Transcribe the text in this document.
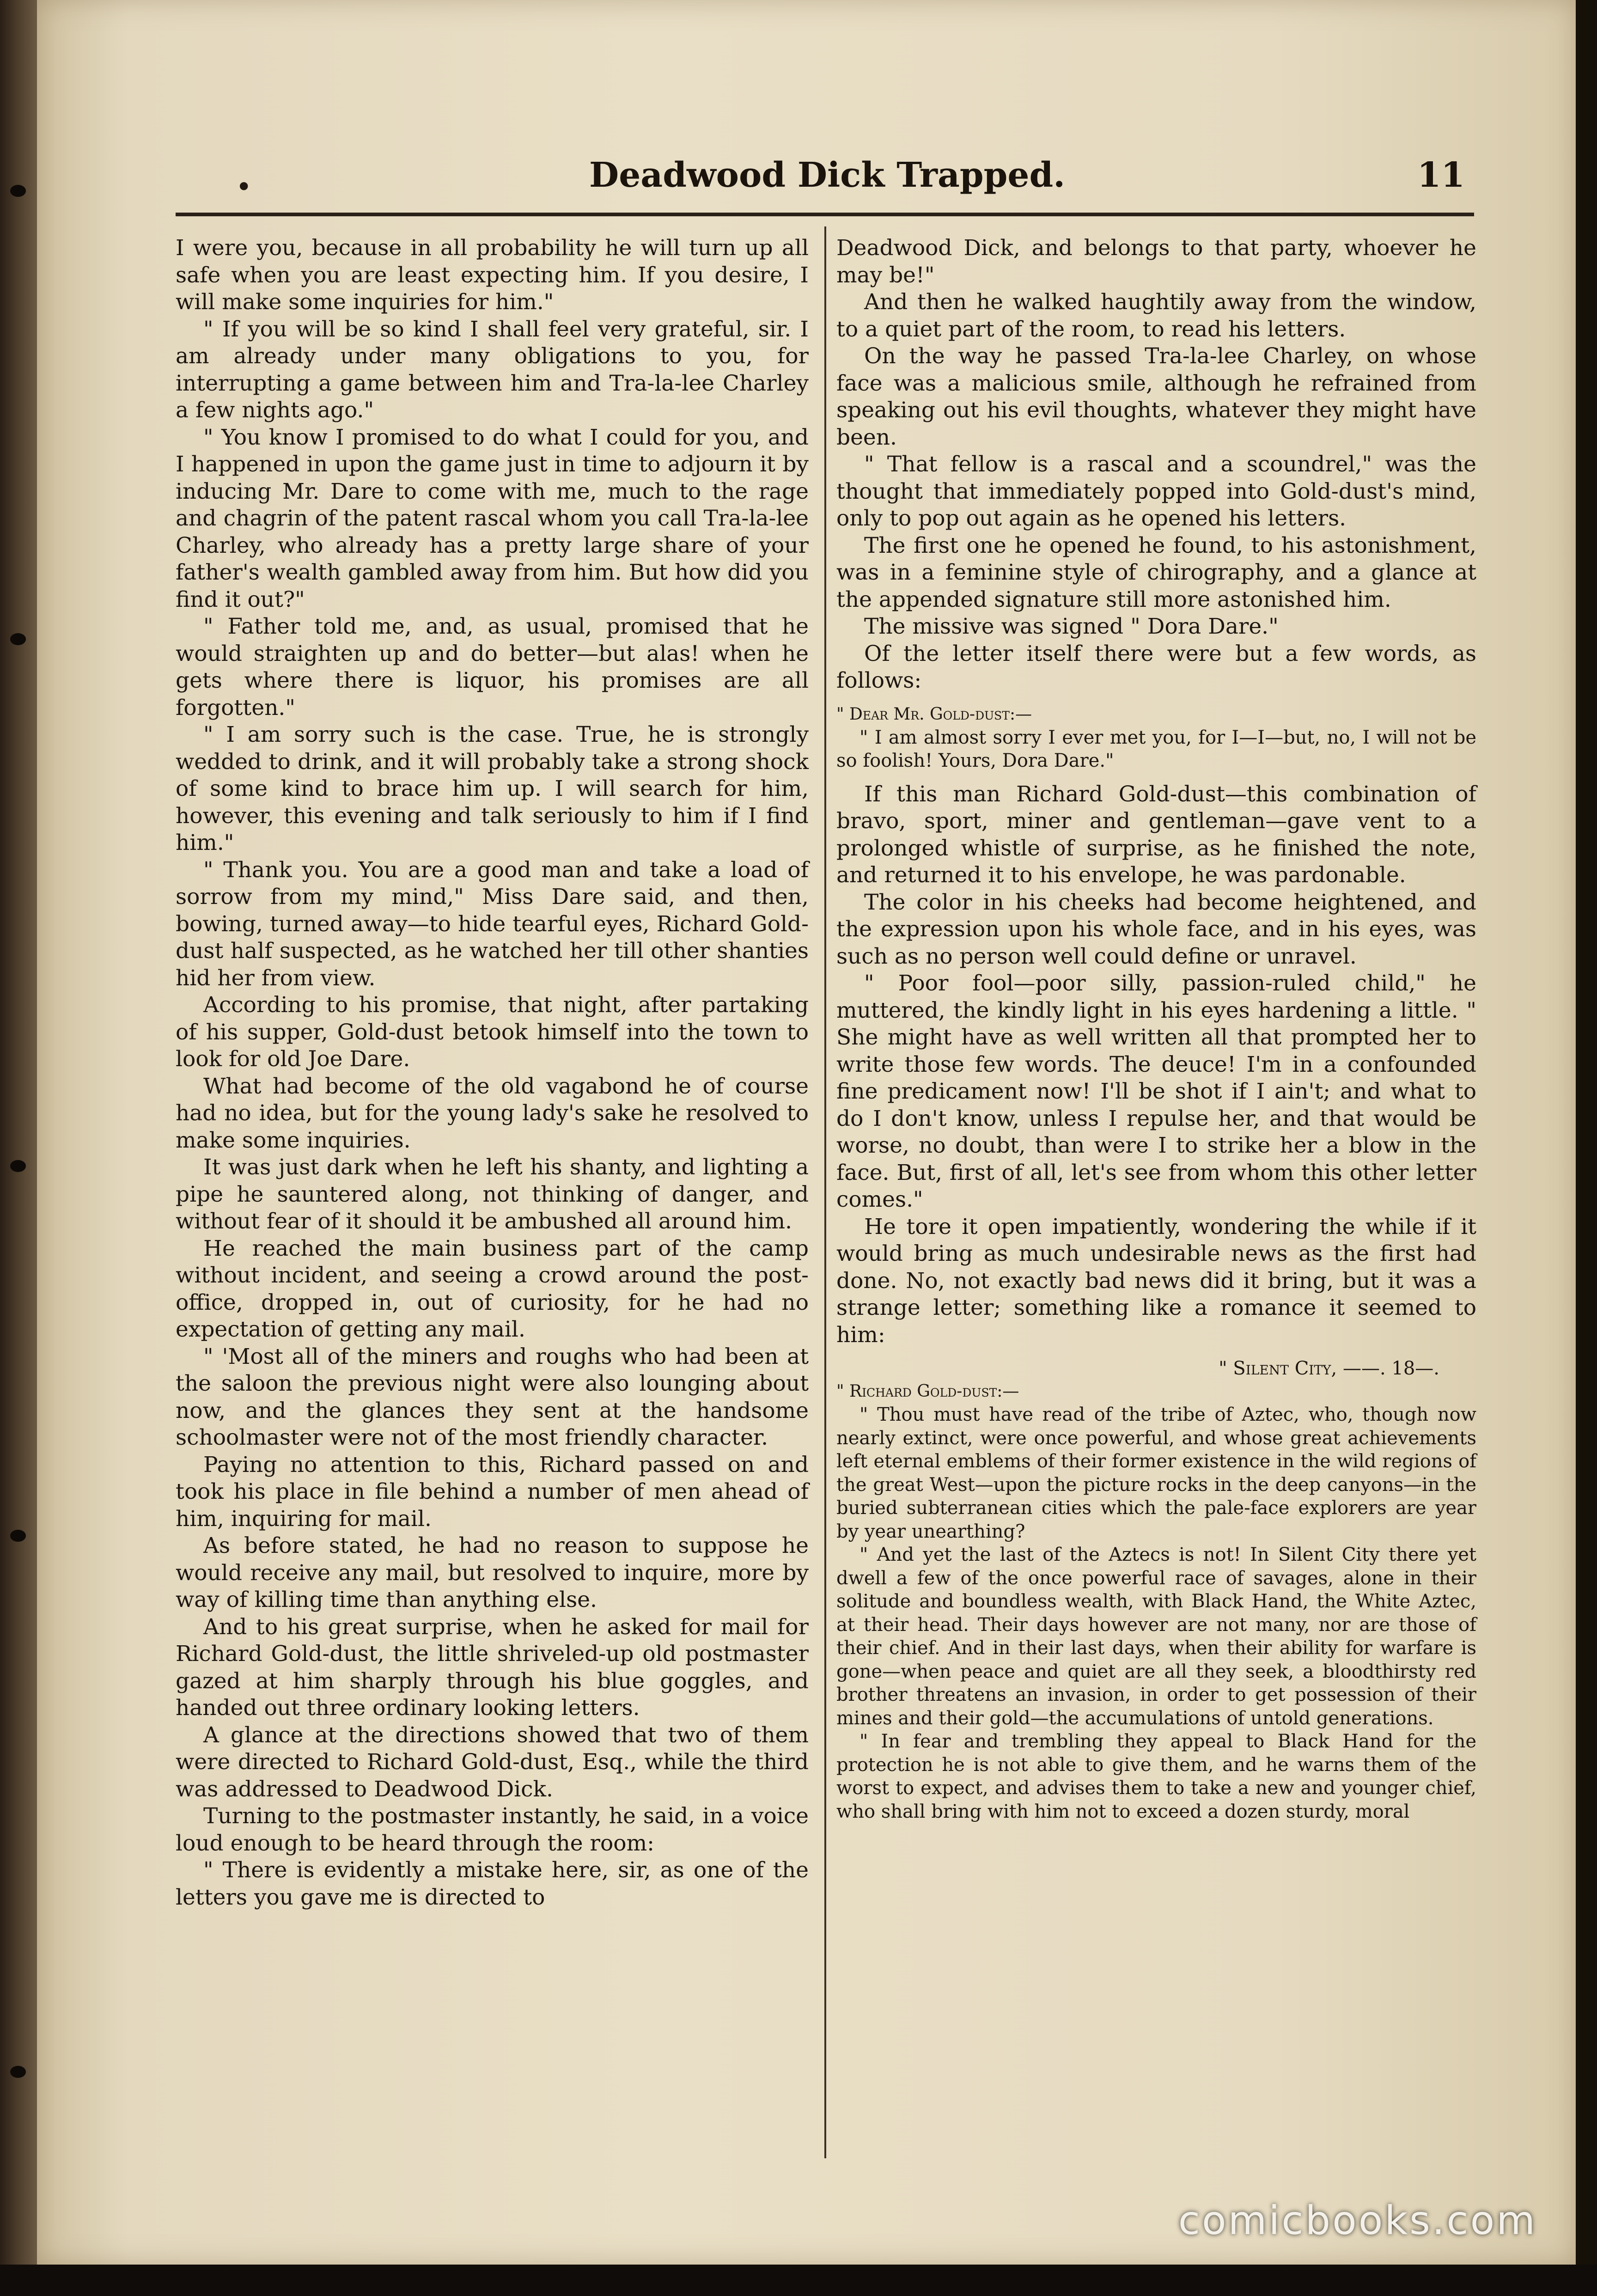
•	Deadwood Dick Trapped.	11

I were you, because in all probability he will turn up all safe when you are least expecting him. If you desire, I will make some inquiries for him."

" If you will be so kind I shall feel very grateful, sir. I am already under many obligations to you, for interrupting a game between him and Tra-la-lee Charley a few nights ago."

" You know I promised to do what I could for you, and I happened in upon the game just in time to adjourn it by inducing Mr. Dare to come with me, much to the rage and chagrin of the patent rascal whom you call Tra-la-lee Charley, who already has a pretty large share of your father's wealth gambled away from him. But how did you find it out?"

" Father told me, and, as usual, promised that he would straighten up and do better—but alas! when he gets where there is liquor, his promises are all forgotten."

" I am sorry such is the case. True, he is strongly wedded to drink, and it will probably take a strong shock of some kind to brace him up. I will search for him, however, this evening and talk seriously to him if I find him."

" Thank you. You are a good man and take a load of sorrow from my mind," Miss Dare said, and then, bowing, turned away—to hide tearful eyes, Richard Gold-dust half suspected, as he watched her till other shanties hid her from view.

According to his promise, that night, after partaking of his supper, Gold-dust betook himself into the town to look for old Joe Dare.

What had become of the old vagabond he of course had no idea, but for the young lady's sake he resolved to make some inquiries.

It was just dark when he left his shanty, and lighting a pipe he sauntered along, not thinking of danger, and without fear of it should it be ambushed all around him.

He reached the main business part of the camp without incident, and seeing a crowd around the post-office, dropped in, out of curiosity, for he had no expectation of getting any mail.

" 'Most all of the miners and roughs who had been at the saloon the previous night were also lounging about now, and the glances they sent at the handsome schoolmaster were not of the most friendly character.

Paying no attention to this, Richard passed on and took his place in file behind a number of men ahead of him, inquiring for mail.

As before stated, he had no reason to suppose he would receive any mail, but resolved to inquire, more by way of killing time than anything else.

And to his great surprise, when he asked for mail for Richard Gold-dust, the little shriveled-up old postmaster gazed at him sharply through his blue goggles, and handed out three ordinary looking letters.

A glance at the directions showed that two of them were directed to Richard Gold-dust, Esq., while the third was addressed to Deadwood Dick.

Turning to the postmaster instantly, he said, in a voice loud enough to be heard through the room:

" There is evidently a mistake here, sir, as one of the letters you gave me is directed to

Deadwood Dick, and belongs to that party, whoever he may be!"

And then he walked haughtily away from the window, to a quiet part of the room, to read his letters.

On the way he passed Tra-la-lee Charley, on whose face was a malicious smile, although he refrained from speaking out his evil thoughts, whatever they might have been.

" That fellow is a rascal and a scoundrel," was the thought that immediately popped into Gold-dust's mind, only to pop out again as he opened his letters.

The first one he opened he found, to his astonishment, was in a feminine style of chirography, and a glance at the appended signature still more astonished him.

The missive was signed " Dora Dare."

Of the letter itself there were but a few words, as follows:

" Dear Mr. Gold-dust:—

" I am almost sorry I ever met you, for I—I—but, no, I will not be so foolish! Yours, Dora Dare."

If this man Richard Gold-dust—this combination of bravo, sport, miner and gentleman—gave vent to a prolonged whistle of surprise, as he finished the note, and returned it to his envelope, he was pardonable.

The color in his cheeks had become heightened, and the expression upon his whole face, and in his eyes, was such as no person well could define or unravel.

" Poor fool—poor silly, passion-ruled child," he muttered, the kindly light in his eyes hardening a little. " She might have as well written all that prompted her to write those few words. The deuce! I'm in a confounded fine predicament now! I'll be shot if I ain't; and what to do I don't know, unless I repulse her, and that would be worse, no doubt, than were I to strike her a blow in the face. But, first of all, let's see from whom this other letter comes."

He tore it open impatiently, wondering the while if it would bring as much undesirable news as the first had done. No, not exactly bad news did it bring, but it was a strange letter; something like a romance it seemed to him:

" Silent City, ——. 18—.

" Richard Gold-dust:—

" Thou must have read of the tribe of Aztec, who, though now nearly extinct, were once powerful, and whose great achievements left eternal emblems of their former existence in the wild regions of the great West—upon the picture rocks in the deep canyons—in the buried subterranean cities which the pale-face explorers are year by year unearthing?

" And yet the last of the Aztecs is not! In Silent City there yet dwell a few of the once powerful race of savages, alone in their solitude and boundless wealth, with Black Hand, the White Aztec, at their head. Their days however are not many, nor are those of their chief. And in their last days, when their ability for warfare is gone—when peace and quiet are all they seek, a bloodthirsty red brother threatens an invasion, in order to get possession of their mines and their gold—the accumulations of untold generations.

" In fear and trembling they appeal to Black Hand for the protection he is not able to give them, and he warns them of the worst to expect, and advises them to take a new and younger chief, who shall bring with him not to exceed a dozen sturdy, moral

comicbooks.com
